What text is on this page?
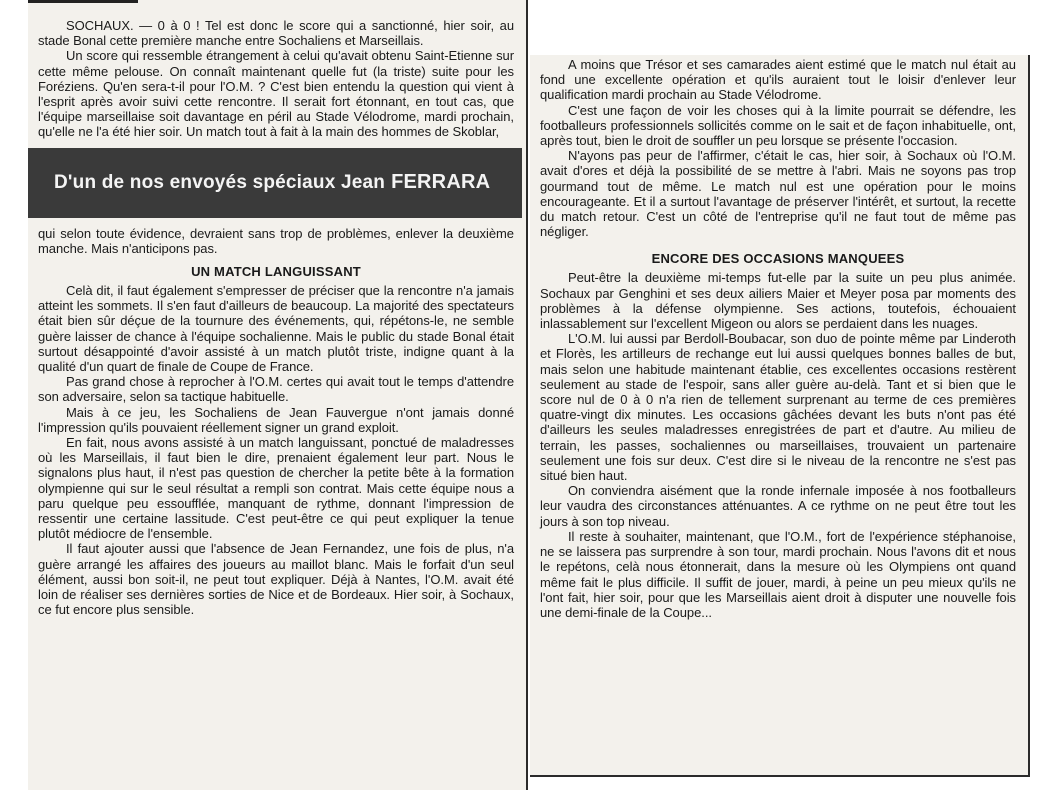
SOCHAUX. — 0 à 0 ! Tel est donc le score qui a sanctionné, hier soir, au stade Bonal cette première manche entre Sochaliens et Marseillais.

Un score qui ressemble étrangement à celui qu'avait obtenu Saint-Etienne sur cette même pelouse. On connaît maintenant quelle fut (la triste) suite pour les Foréziens. Qu'en sera-t-il pour l'O.M. ? C'est bien entendu la question qui vient à l'esprit après avoir suivi cette rencontre. Il serait fort étonnant, en tout cas, que l'équipe marseillaise soit davantage en péril au Stade Vélodrome, mardi prochain, qu'elle ne l'a été hier soir. Un match tout à fait à la main des hommes de Skoblar,

D'un de nos envoyés spéciaux Jean FERRARA

qui selon toute évidence, devraient sans trop de problèmes, enlever la deuxième manche. Mais n'anticipons pas.

UN MATCH LANGUISSANT

Celà dit, il faut également s'empresser de préciser que la rencontre n'a jamais atteint les sommets. Il s'en faut d'ailleurs de beaucoup. La majorité des spectateurs était bien sûr déçue de la tournure des événements, qui, répétons-le, ne semble guère laisser de chance à l'équipe sochalienne. Mais le public du stade Bonal était surtout désappointé d'avoir assisté à un match plutôt triste, indigne quant à la qualité d'un quart de finale de Coupe de France.

Pas grand chose à reprocher à l'O.M. certes qui avait tout le temps d'attendre son adversaire, selon sa tactique habituelle.

Mais à ce jeu, les Sochaliens de Jean Fauvergue n'ont jamais donné l'impression qu'ils pouvaient réellement signer un grand exploit.

En fait, nous avons assisté à un match languissant, ponctué de maladresses où les Marseillais, il faut bien le dire, prenaient également leur part. Nous le signalons plus haut, il n'est pas question de chercher la petite bête à la formation olympienne qui sur le seul résultat a rempli son contrat. Mais cette équipe nous a paru quelque peu essoufflée, manquant de rythme, donnant l'impression de ressentir une certaine lassitude. C'est peut-être ce qui peut expliquer la tenue plutôt médiocre de l'ensemble.

Il faut ajouter aussi que l'absence de Jean Fernandez, une fois de plus, n'a guère arrangé les affaires des joueurs au maillot blanc. Mais le forfait d'un seul élément, aussi bon soit-il, ne peut tout expliquer. Déjà à Nantes, l'O.M. avait été loin de réaliser ses dernières sorties de Nice et de Bordeaux. Hier soir, à Sochaux, ce fut encore plus sensible.

A moins que Trésor et ses camarades aient estimé que le match nul était au fond une excellente opération et qu'ils auraient tout le loisir d'enlever leur qualification mardi prochain au Stade Vélodrome.

C'est une façon de voir les choses qui à la limite pourrait se défendre, les footballeurs professionnels sollicités comme on le sait et de façon inhabituelle, ont, après tout, bien le droit de souffler un peu lorsque se présente l'occasion.

N'ayons pas peur de l'affirmer, c'était le cas, hier soir, à Sochaux où l'O.M. avait d'ores et déjà la possibilité de se mettre à l'abri. Mais ne soyons pas trop gourmand tout de même. Le match nul est une opération pour le moins encourageante. Et il a surtout l'avantage de préserver l'intérêt, et surtout, la recette du match retour. C'est un côté de l'entreprise qu'il ne faut tout de même pas négliger.

ENCORE DES OCCASIONS MANQUEES

Peut-être la deuxième mi-temps fut-elle par la suite un peu plus animée. Sochaux par Genghini et ses deux ailiers Maier et Meyer posa par moments des problèmes à la défense olympienne. Ses actions, toutefois, échouaient inlassablement sur l'excellent Migeon ou alors se perdaient dans les nuages.

L'O.M. lui aussi par Berdoll-Boubacar, son duo de pointe même par Linderoth et Florès, les artilleurs de rechange eut lui aussi quelques bonnes balles de but, mais selon une habitude maintenant établie, ces excellentes occasions restèrent seulement au stade de l'espoir, sans aller guère au-delà. Tant et si bien que le score nul de 0 à 0 n'a rien de tellement surprenant au terme de ces premières quatre-vingt dix minutes. Les occasions gâchées devant les buts n'ont pas été d'ailleurs les seules maladresses enregistrées de part et d'autre. Au milieu de terrain, les passes, sochaliennes ou marseillaises, trouvaient un partenaire seulement une fois sur deux. C'est dire si le niveau de la rencontre ne s'est pas situé bien haut.

On conviendra aisément que la ronde infernale imposée à nos footballeurs leur vaudra des circonstances atténuantes. A ce rythme on ne peut être tout les jours à son top niveau.

Il reste à souhaiter, maintenant, que l'O.M., fort de l'expérience stéphanoise, ne se laissera pas surprendre à son tour, mardi prochain. Nous l'avons dit et nous le repétons, celà nous étonnerait, dans la mesure où les Olympiens ont quand même fait le plus difficile. Il suffit de jouer, mardi, à peine un peu mieux qu'ils ne l'ont fait, hier soir, pour que les Marseillais aient droit à disputer une nouvelle fois une demi-finale de la Coupe...
